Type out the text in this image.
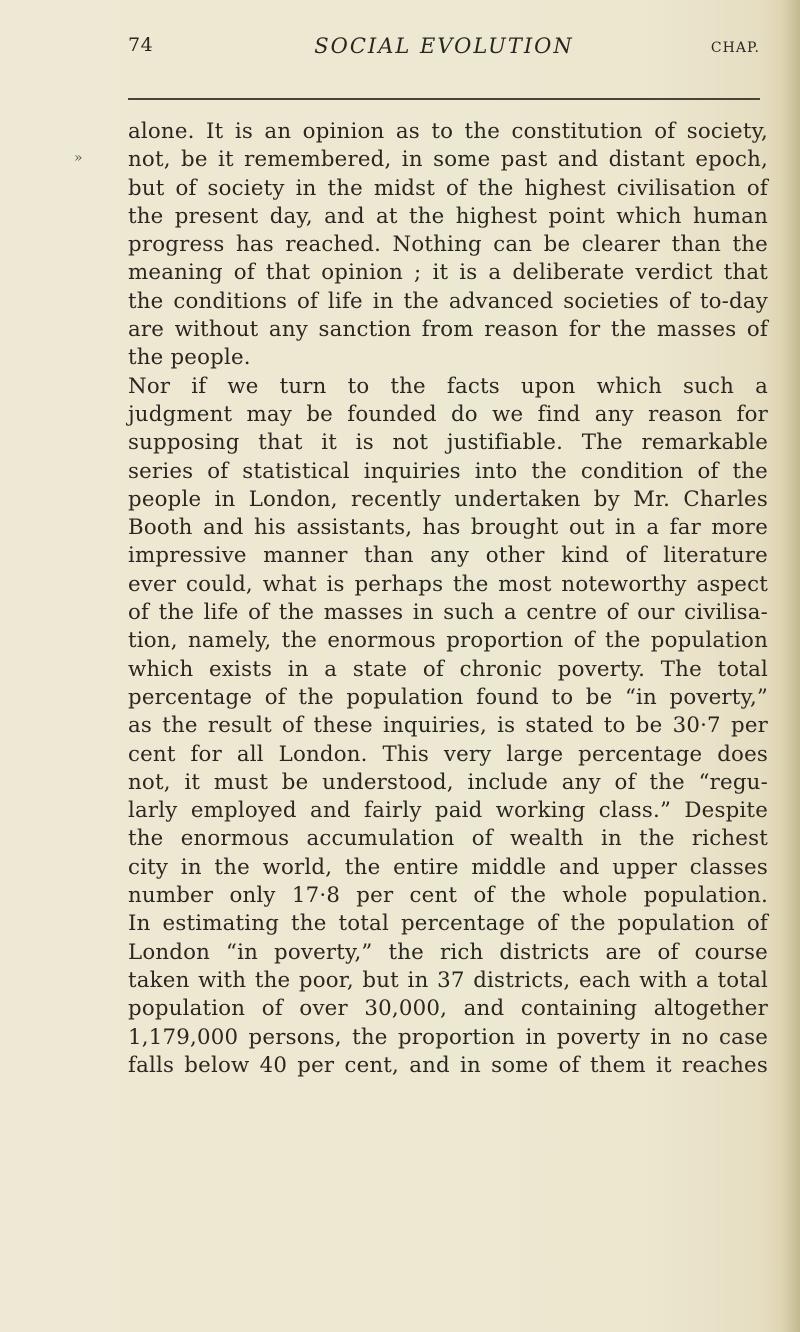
74	SOCIAL EVOLUTION	CHAP.
»
alone. It is an opinion as to the constitution of society,
not, be it remembered, in some past and distant epoch,
but of society in the midst of the highest civilisation of
the present day, and at the highest point which human
progress has reached. Nothing can be clearer than the
meaning of that opinion ; it is a deliberate verdict that
the conditions of life in the advanced societies of to-day
are without any sanction from reason for the masses of
the people.
Nor if we turn to the facts upon which such a
judgment may be founded do we find any reason for
supposing that it is not justifiable. The remarkable
series of statistical inquiries into the condition of the
people in London, recently undertaken by Mr. Charles
Booth and his assistants, has brought out in a far more
impressive manner than any other kind of literature
ever could, what is perhaps the most noteworthy aspect
of the life of the masses in such a centre of our civilisa-
tion, namely, the enormous proportion of the population
which exists in a state of chronic poverty. The total
percentage of the population found to be “in poverty,”
as the result of these inquiries, is stated to be 30·7 per
cent for all London. This very large percentage does
not, it must be understood, include any of the “regu-
larly employed and fairly paid working class.” Despite
the enormous accumulation of wealth in the richest
city in the world, the entire middle and upper classes
number only 17·8 per cent of the whole population.
In estimating the total percentage of the population of
London “in poverty,” the rich districts are of course
taken with the poor, but in 37 districts, each with a total
population of over 30,000, and containing altogether
1,179,000 persons, the proportion in poverty in no case
falls below 40 per cent, and in some of them it reaches
